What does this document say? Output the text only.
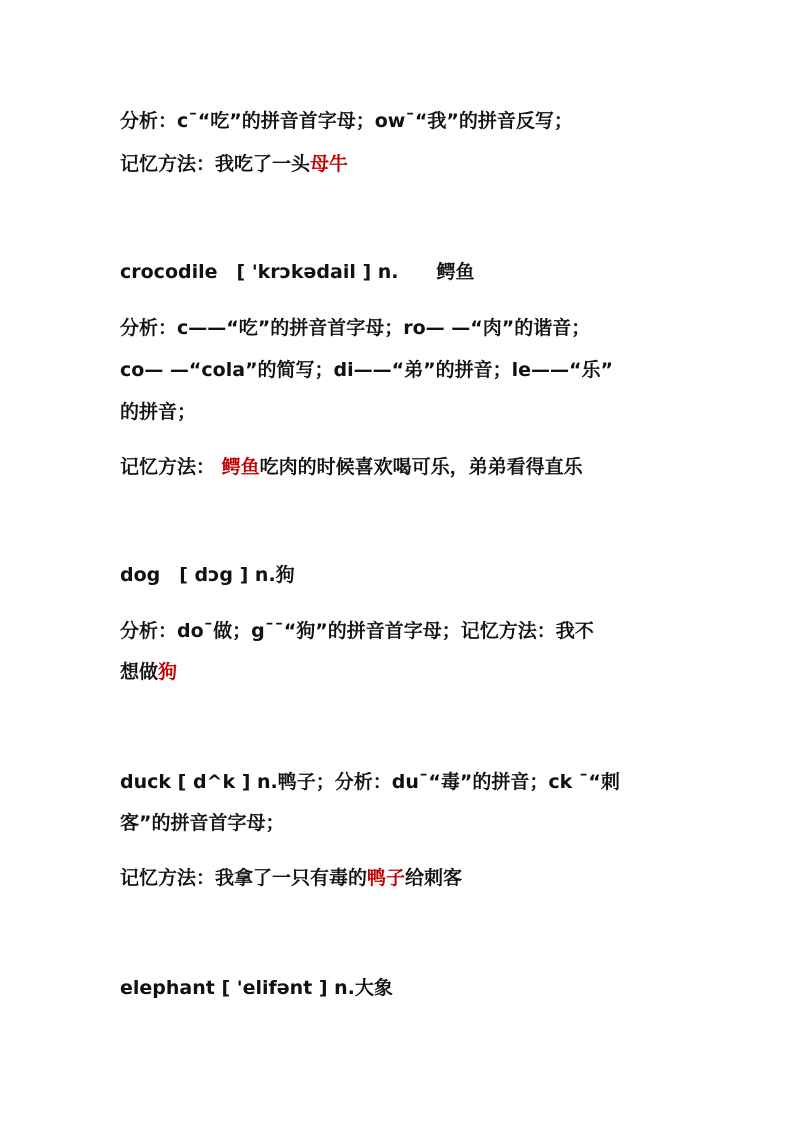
分析：c¯“吃”的拼音首字母；ow¯“我”的拼音反写；
记忆方法：我吃了一头母牛
crocodile　[ 'krɔkədail ] n.　　鳄鱼
分析：c——“吃”的拼音首字母；ro— —“肉”的谐音；
co— —“cola”的简写；di——“弟”的拼音；le——“乐”
的拼音；
记忆方法： 鳄鱼吃肉的时候喜欢喝可乐，弟弟看得直乐
dog　[ dɔg ] n.狗
分析：do¯做；g¯¯“狗”的拼音首字母；记忆方法：我不
想做狗
duck [ d^k ] n.鸭子；分析：du¯“毒”的拼音；ck ¯“刺
客”的拼音首字母；
记忆方法：我拿了一只有毒的鸭子给刺客
elephant [ 'elifənt ] n.大象
